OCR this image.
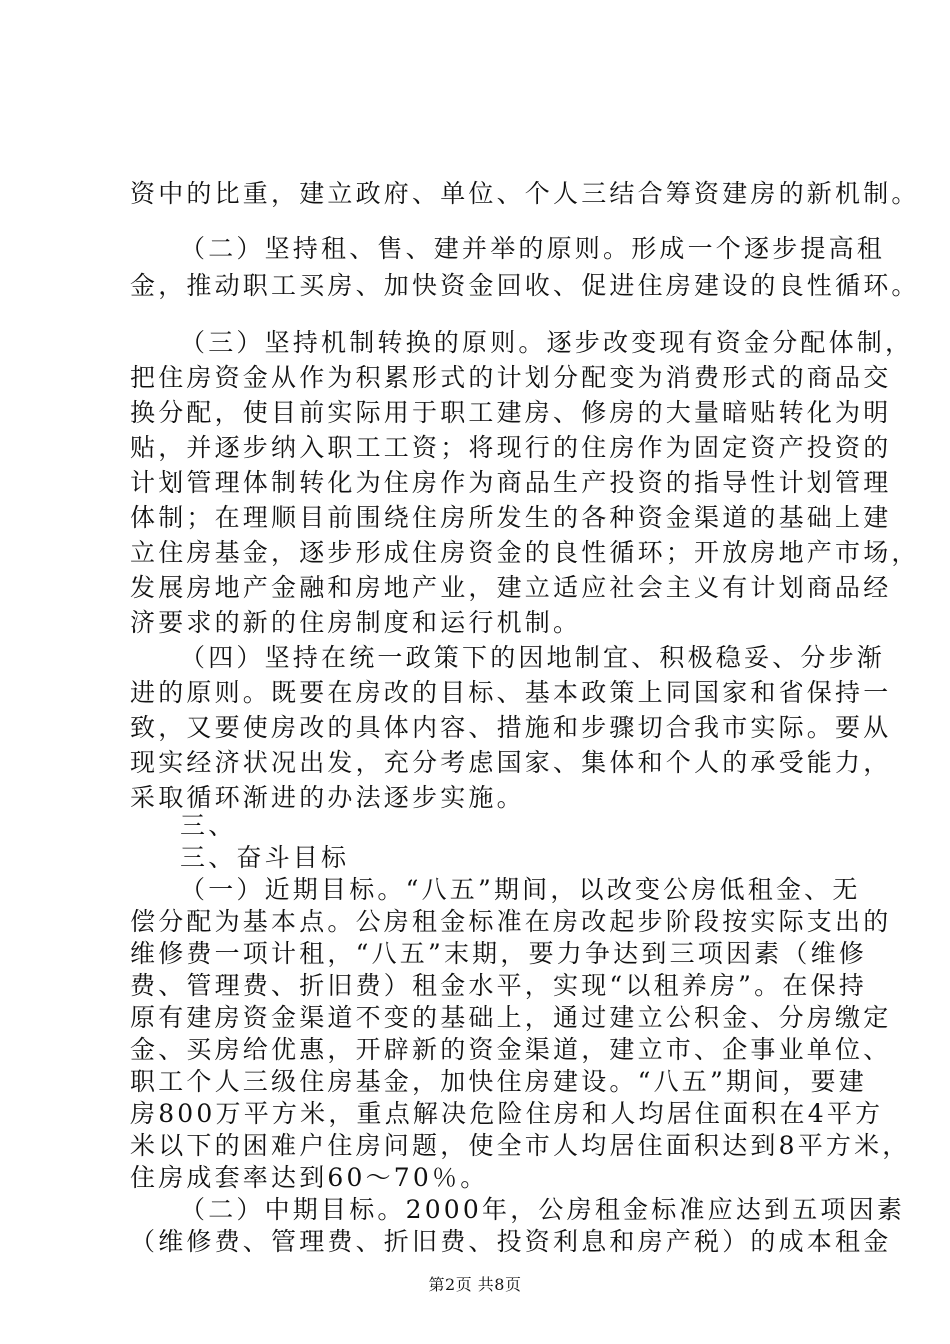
资中的比重，建立政府、单位、个人三结合筹资建房的新机制。
（二）坚持租、售、建并举的原则。形成一个逐步提高租
金，推动职工买房、加快资金回收、促进住房建设的良性循环。
（三）坚持机制转换的原则。逐步改变现有资金分配体制，
把住房资金从作为积累形式的计划分配变为消费形式的商品交
换分配，使目前实际用于职工建房、修房的大量暗贴转化为明
贴，并逐步纳入职工工资；将现行的住房作为固定资产投资的
计划管理体制转化为住房作为商品生产投资的指导性计划管理
体制；在理顺目前围绕住房所发生的各种资金渠道的基础上建
立住房基金，逐步形成住房资金的良性循环；开放房地产市场，
发展房地产金融和房地产业，建立适应社会主义有计划商品经
济要求的新的住房制度和运行机制。
（四）坚持在统一政策下的因地制宜、积极稳妥、分步渐
进的原则。既要在房改的目标、基本政策上同国家和省保持一
致，又要使房改的具体内容、措施和步骤切合我市实际。要从
现实经济状况出发，充分考虑国家、集体和个人的承受能力，
采取循环渐进的办法逐步实施。
三、
三、奋斗目标
（一）近期目标。“八五”期间，以改变公房低租金、无
偿分配为基本点。公房租金标准在房改起步阶段按实际支出的
维修费一项计租，“八五”末期，要力争达到三项因素（维修
费、管理费、折旧费）租金水平，实现“以租养房”。在保持
原有建房资金渠道不变的基础上，通过建立公积金、分房缴定
金、买房给优惠，开辟新的资金渠道，建立市、企事业单位、
职工个人三级住房基金，加快住房建设。“八五”期间，要建
房800万平方米，重点解决危险住房和人均居住面积在4平方
米以下的困难户住房问题，使全市人均居住面积达到8平方米，
住房成套率达到60～70％。
（二）中期目标。2000年，公房租金标准应达到五项因素
（维修费、管理费、折旧费、投资利息和房产税）的成本租金
第2页 共8页
